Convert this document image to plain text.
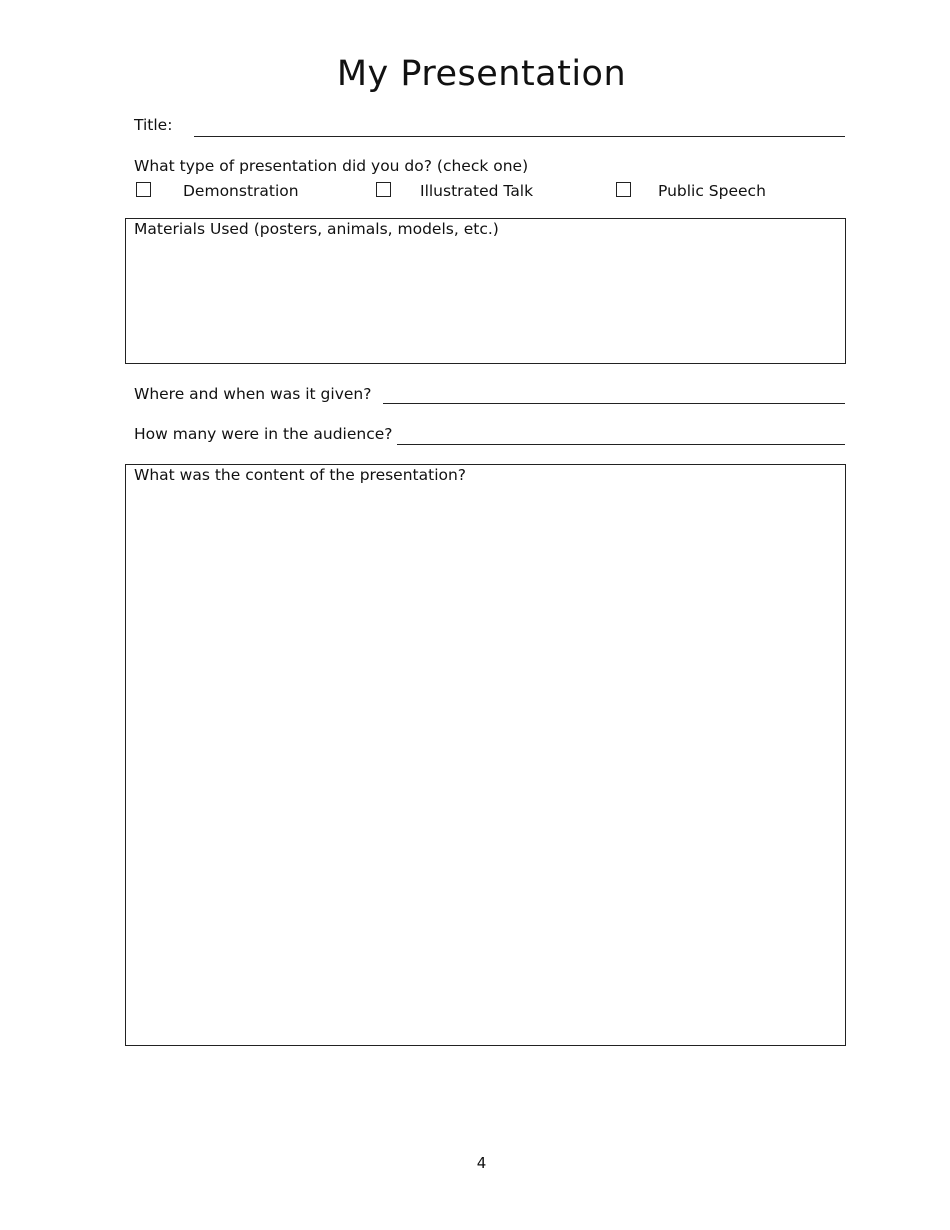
My Presentation
Title:
What type of presentation did you do? (check one)
Demonstration	Illustrated Talk	Public Speech
Materials Used (posters, animals, models, etc.)
Where and when was it given?
How many were in the audience?
What was the content of the presentation?
4
